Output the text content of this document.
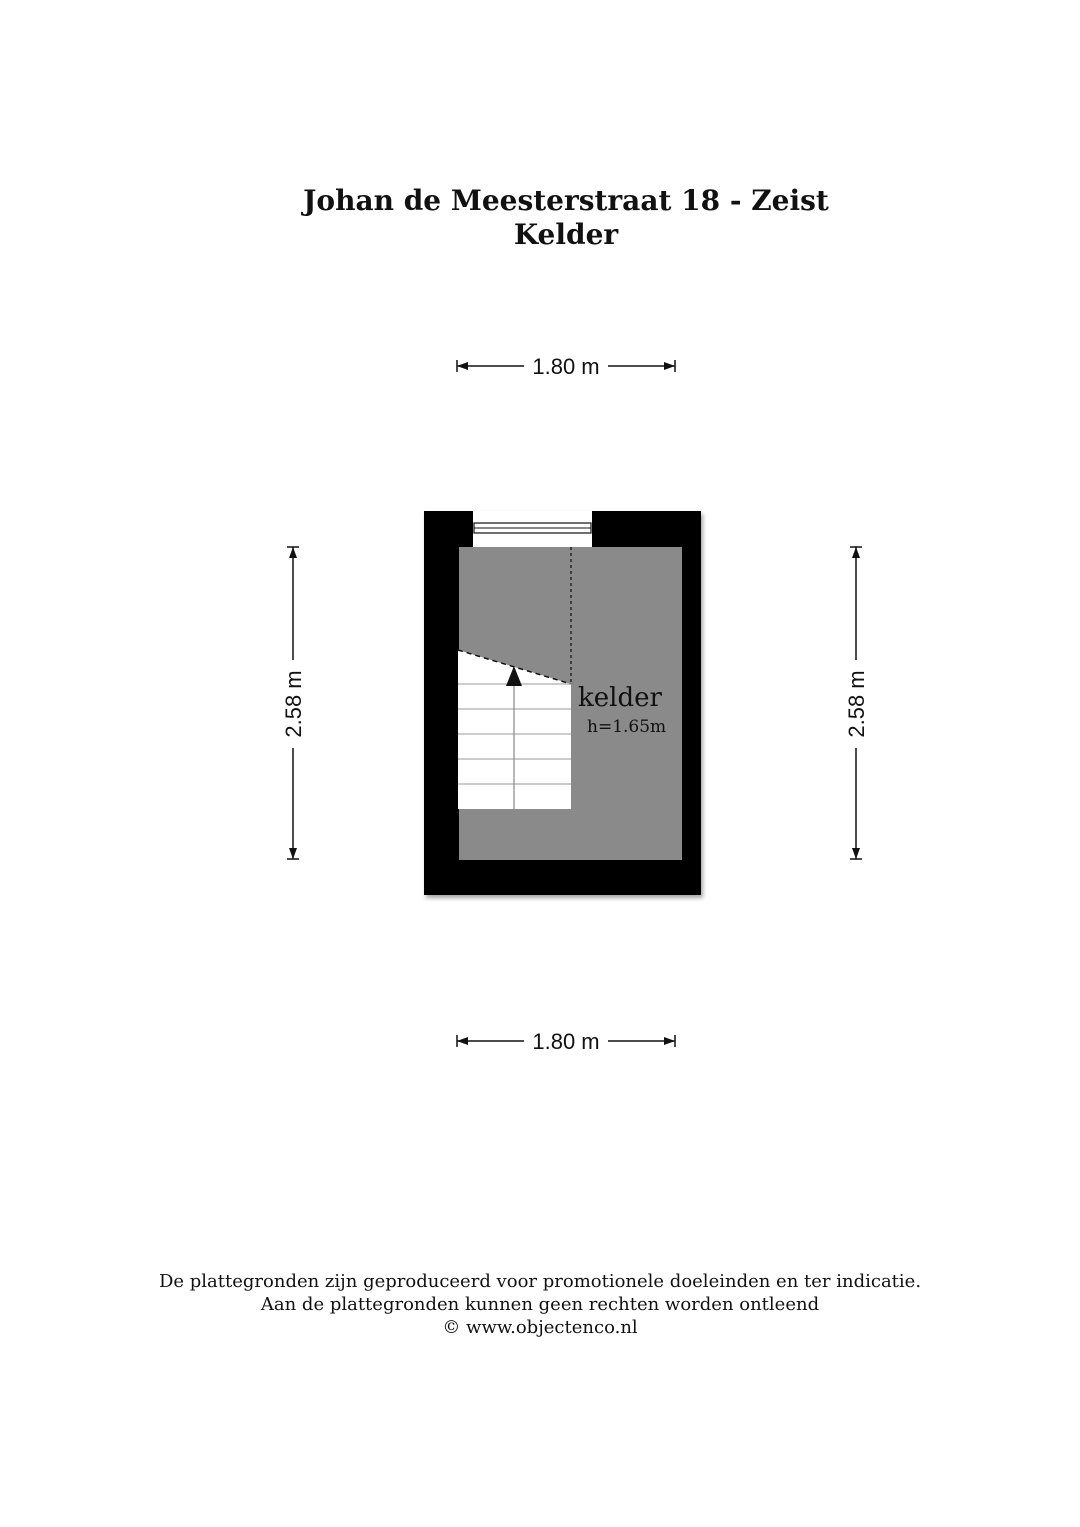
Johan de Meesterstraat 18 - Zeist
Kelder
1.80 m
1.80 m
2.58 m	2.58 m
kelder
h=1.65m
De plattegronden zijn geproduceerd voor promotionele doeleinden en ter indicatie.
Aan de plattegronden kunnen geen rechten worden ontleend
© www.objectenco.nl
